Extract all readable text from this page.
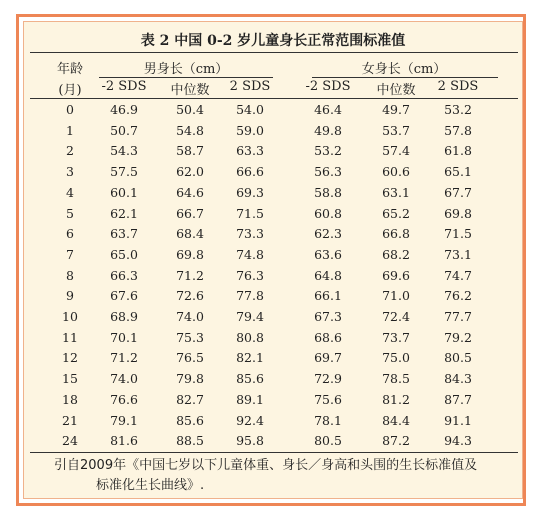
表 2 中国 0-2 岁儿童身长正常范围标准值
年龄
(月)
男身长（cm）	女身长（cm）
-2 SDS	中位数	2 SDS	-2 SDS	中位数	2 SDS
0	46.9	50.4	54.0	46.4	49.7	53.2
1	50.7	54.8	59.0	49.8	53.7	57.8
2	54.3	58.7	63.3	53.2	57.4	61.8
3	57.5	62.0	66.6	56.3	60.6	65.1
4	60.1	64.6	69.3	58.8	63.1	67.7
5	62.1	66.7	71.5	60.8	65.2	69.8
6	63.7	68.4	73.3	62.3	66.8	71.5
7	65.0	69.8	74.8	63.6	68.2	73.1
8	66.3	71.2	76.3	64.8	69.6	74.7
9	67.6	72.6	77.8	66.1	71.0	76.2
10	68.9	74.0	79.4	67.3	72.4	77.7
11	70.1	75.3	80.8	68.6	73.7	79.2
12	71.2	76.5	82.1	69.7	75.0	80.5
15	74.0	79.8	85.6	72.9	78.5	84.3
18	76.6	82.7	89.1	75.6	81.2	87.7
21	79.1	85.6	92.4	78.1	84.4	91.1
24	81.6	88.5	95.8	80.5	87.2	94.3
引自2009年《中国七岁以下儿童体重、身长／身高和头围的生长标准值及
标准化生长曲线》.
